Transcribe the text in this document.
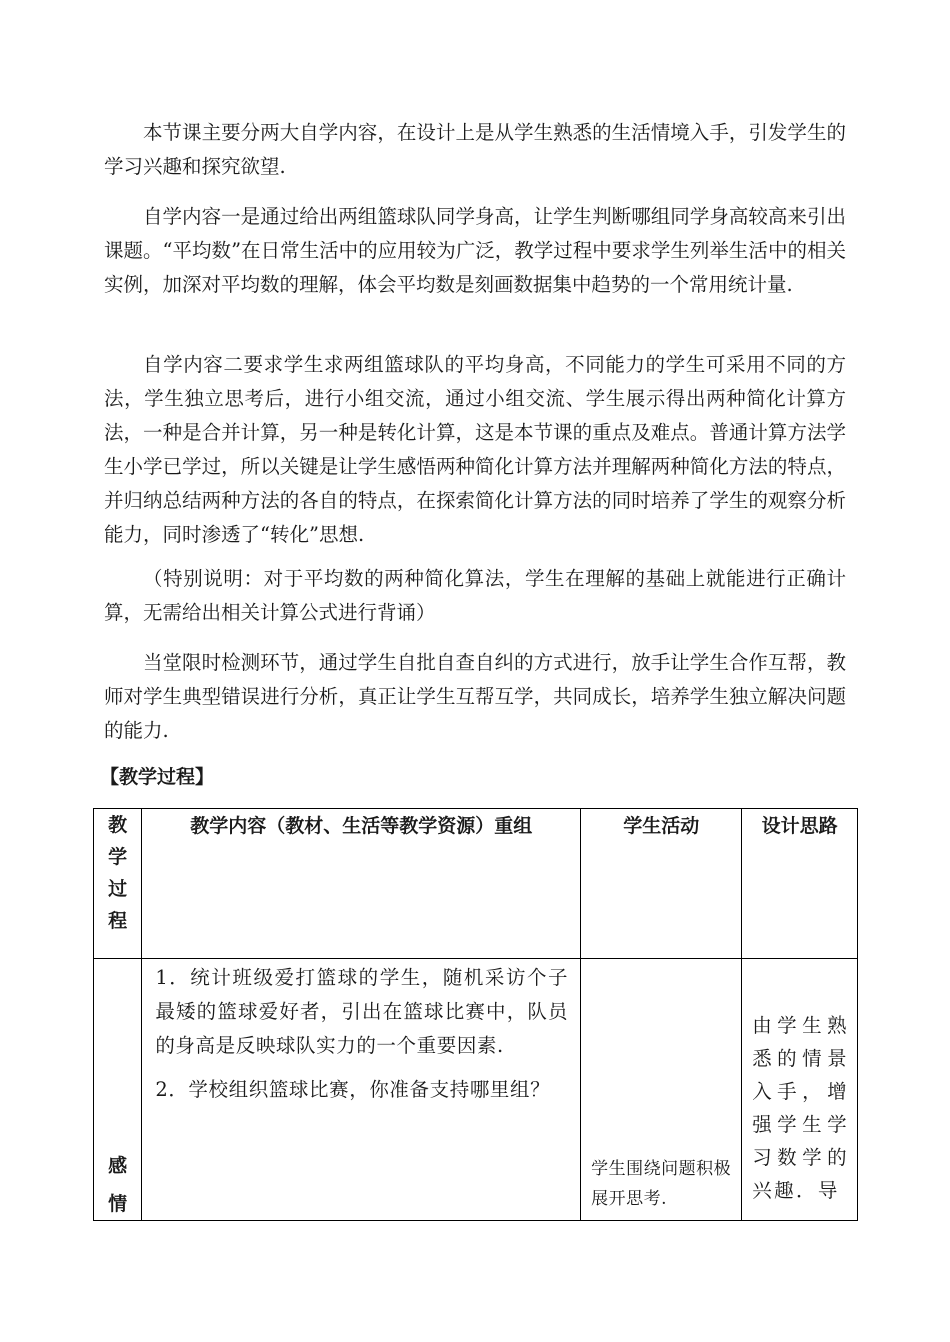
本节课主要分两大自学内容，在设计上是从学生熟悉的生活情境入手，引发学生的学习兴趣和探究欲望.

自学内容一是通过给出两组篮球队同学身高，让学生判断哪组同学身高较高来引出课题。“平均数”在日常生活中的应用较为广泛，教学过程中要求学生列举生活中的相关实例，加深对平均数的理解，体会平均数是刻画数据集中趋势的一个常用统计量.

自学内容二要求学生求两组篮球队的平均身高，不同能力的学生可采用不同的方法，学生独立思考后，进行小组交流，通过小组交流、学生展示得出两种简化计算方法，一种是合并计算，另一种是转化计算，这是本节课的重点及难点。普通计算方法学生小学已学过，所以关键是让学生感悟两种简化计算方法并理解两种简化方法的特点，并归纳总结两种方法的各自的特点，在探索简化计算方法的同时培养了学生的观察分析能力，同时渗透了“转化”思想.

（特别说明：对于平均数的两种简化算法，学生在理解的基础上就能进行正确计算，无需给出相关计算公式进行背诵）

当堂限时检测环节，通过学生自批自查自纠的方式进行，放手让学生合作互帮，教师对学生典型错误进行分析，真正让学生互帮互学，共同成长，培养学生独立解决问题的能力.

【教学过程】
教学过程	教学内容（教材、生活等教学资源）重组	学生活动	设计思路

感情	1．统计班级爱打篮球的学生，随机采访个子最矮的篮球爱好者，引出在篮球比赛中，队员的身高是反映球队实力的一个重要因素.

2．学校组织篮球比赛，你准备支持哪里组？	学生围绕问题积极展开思考.	由学生熟悉的情景入手，增强学生学习数学的兴趣．导
